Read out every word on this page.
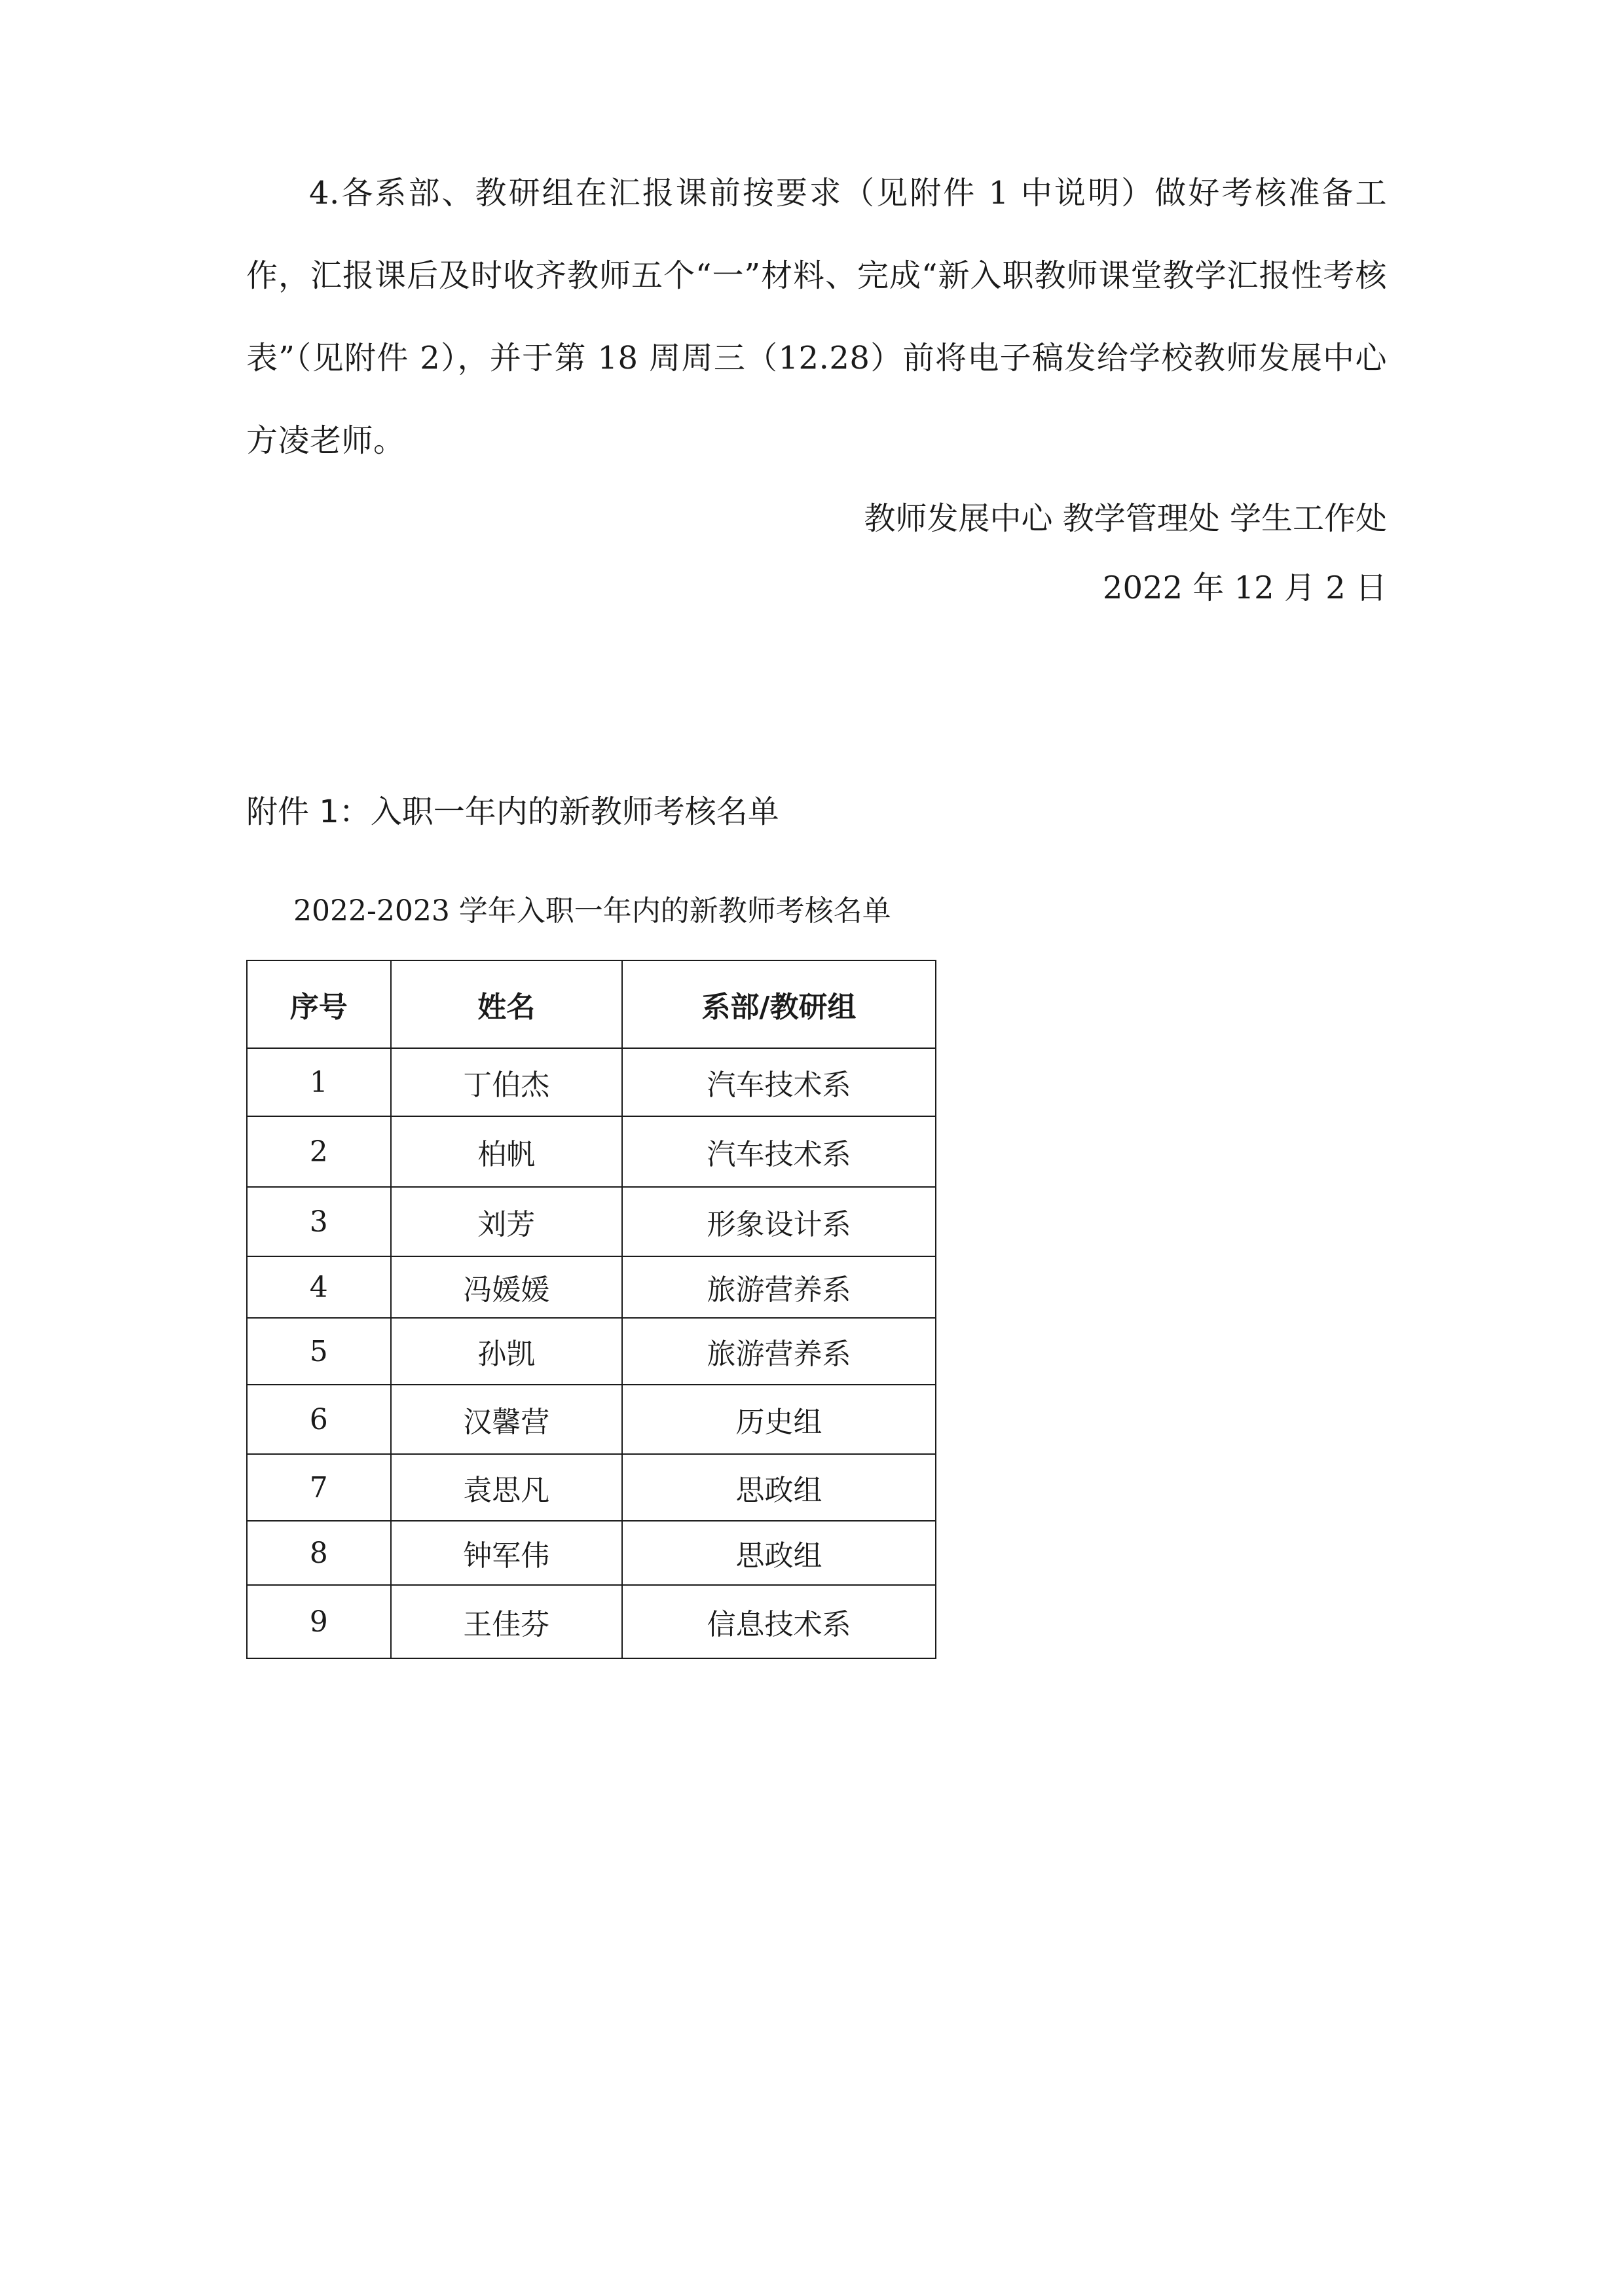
4.各系部、教研组在汇报课前按要求（见附件 1 中说明）做好考核准备工作，汇报课后及时收齐教师五个“一”材料、完成“新入职教师课堂教学汇报性考核表”（见附件 2），并于第 18 周周三（12.28）前将电子稿发给学校教师发展中心方凌老师。

教师发展中心 教学管理处 学生工作处

2022 年 12 月 2 日

附件 1：入职一年内的新教师考核名单

2022-2023 学年入职一年内的新教师考核名单

序号	姓名	系部/教研组
1	丁伯杰	汽车技术系
2	柏帆	汽车技术系
3	刘芳	形象设计系
4	冯媛媛	旅游营养系
5	孙凯	旅游营养系
6	汉馨营	历史组
7	袁思凡	思政组
8	钟军伟	思政组
9	王佳芬	信息技术系
